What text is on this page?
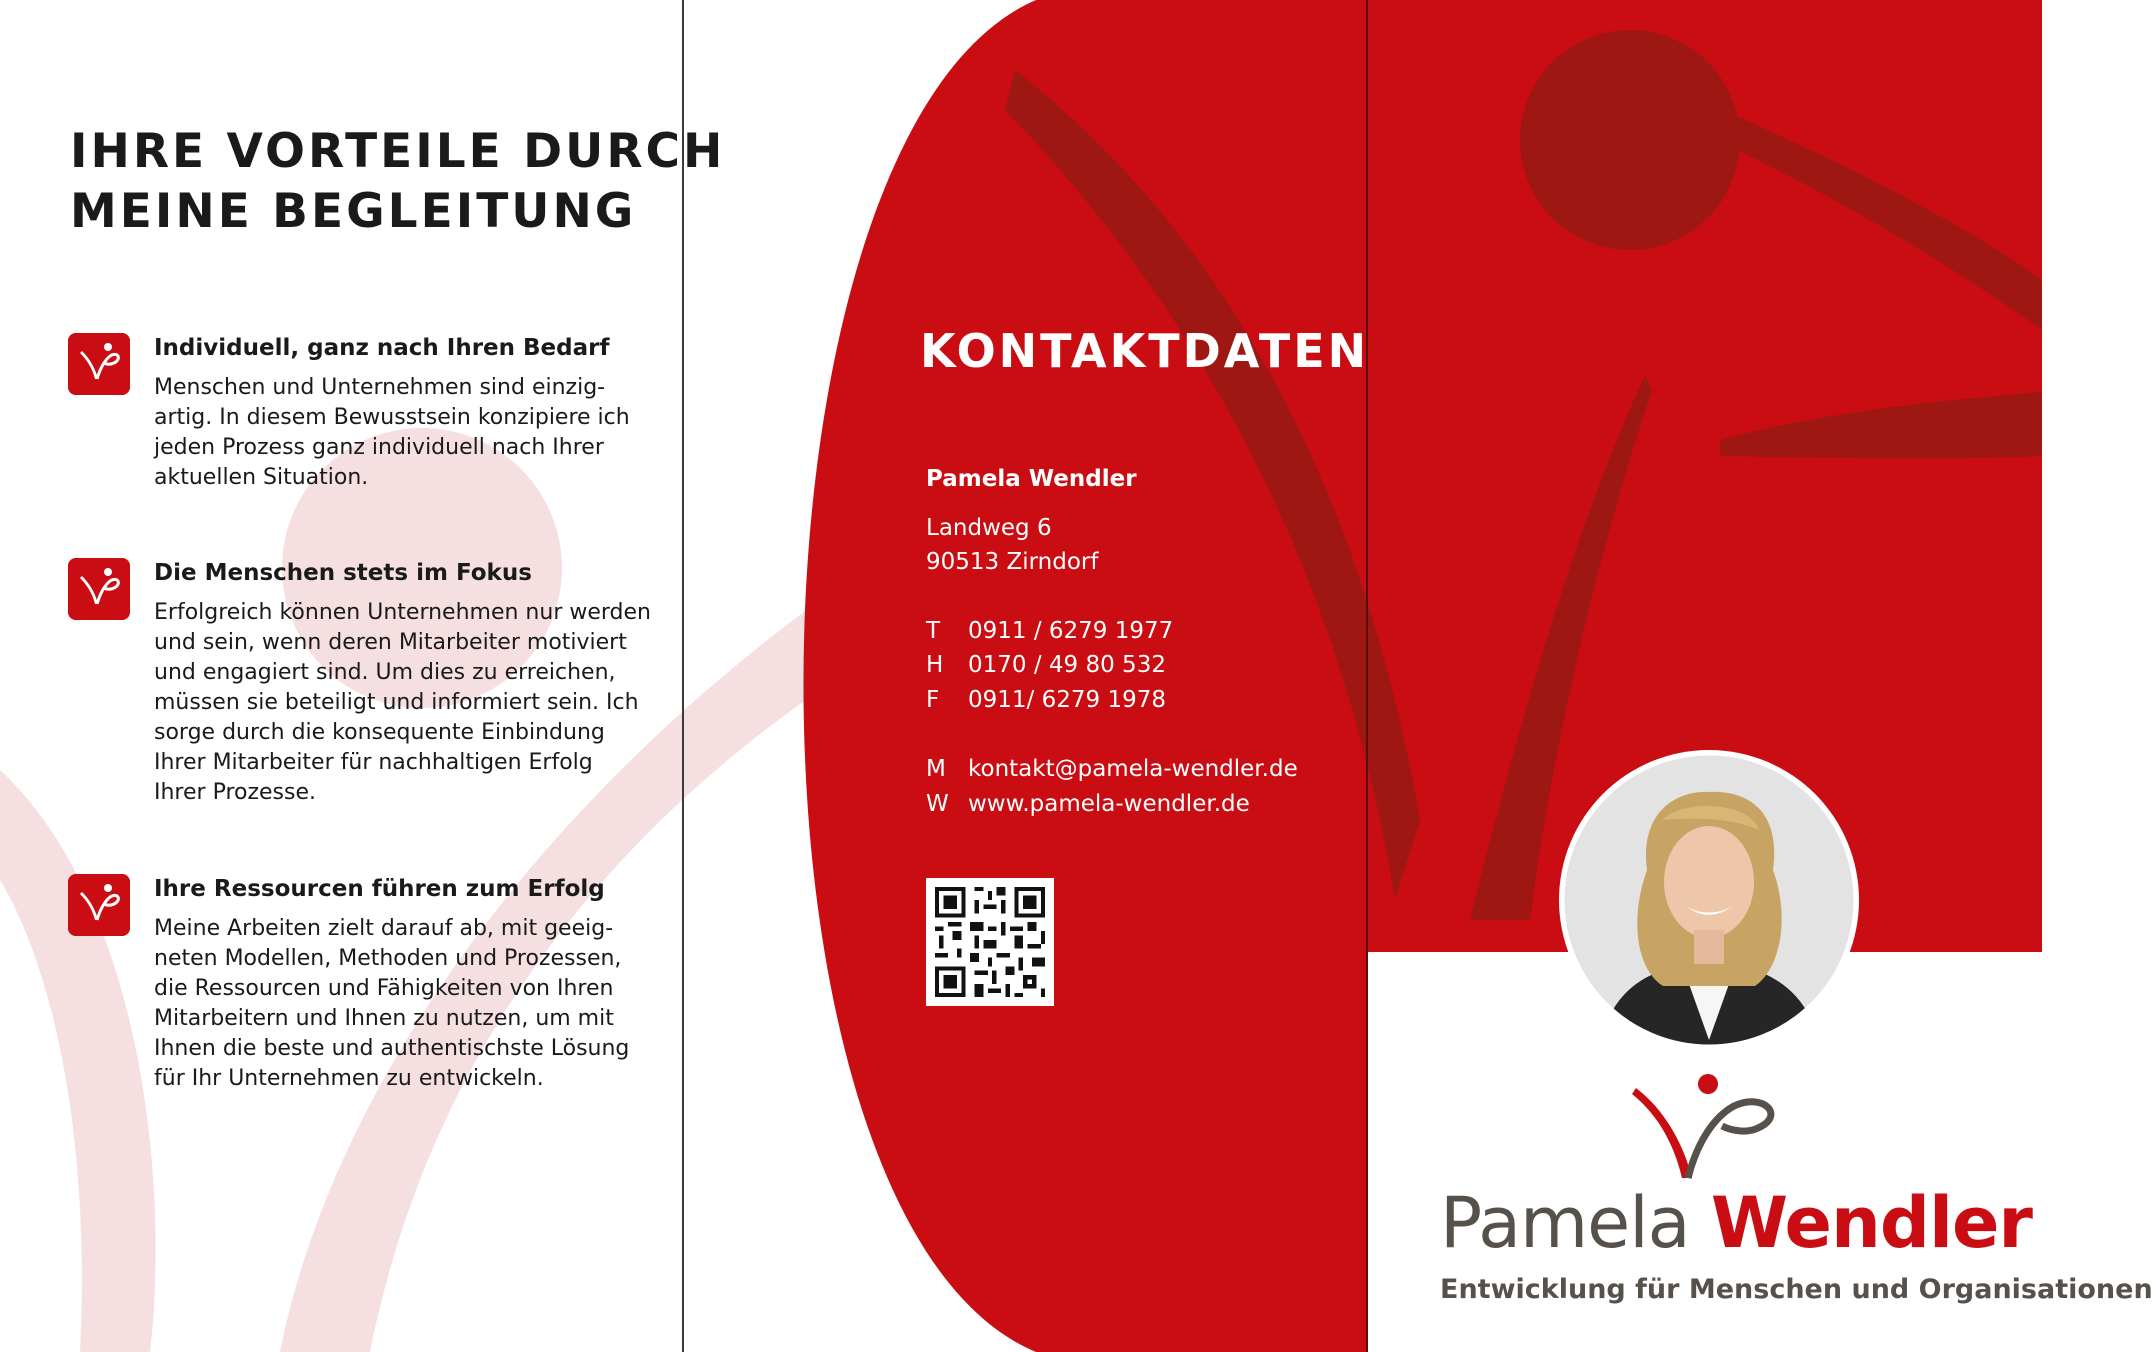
IHRE VORTEILE DURCH
MEINE BEGLEITUNG

Individuell, ganz nach Ihren Bedarf

Menschen und Unternehmen sind einzig-
artig. In diesem Bewusstsein konzipiere ich
jeden Prozess ganz individuell nach Ihrer
aktuellen Situation.

Die Menschen stets im Fokus

Erfolgreich können Unternehmen nur werden
und sein, wenn deren Mitarbeiter motiviert
und engagiert sind. Um dies zu erreichen,
müssen sie beteiligt und informiert sein. Ich
sorge durch die konsequente Einbindung
Ihrer Mitarbeiter für nachhaltigen Erfolg
Ihrer Prozesse.

Ihre Ressourcen führen zum Erfolg

Meine Arbeiten zielt darauf ab, mit geeig-
neten Modellen, Methoden und Prozessen,
die Ressourcen und Fähigkeiten von Ihren
Mitarbeitern und Ihnen zu nutzen, um mit
Ihnen die beste und authentischste Lösung
für Ihr Unternehmen zu entwickeln.

KONTAKTDATEN
Pamela Wendler
Landweg 6
90513 Zirndorf
T 0911 / 6279 1977
H 0170 / 49 80 532
F 0911/ 6279 1978
M kontakt@pamela-wendler.de
W www.pamela-wendler.de

Pamela Wendler

Entwicklung für Menschen und Organisationen
